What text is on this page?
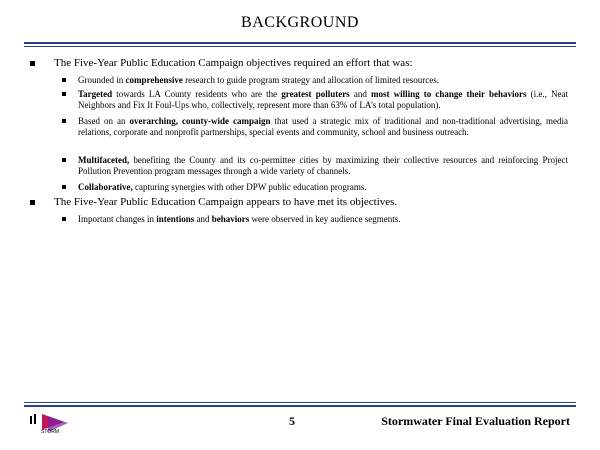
BACKGROUND
The Five-Year Public Education Campaign objectives required an effort that was:
Grounded in comprehensive research to guide program strategy and allocation of limited resources.
Targeted towards LA County residents who are the greatest polluters and most willing to change their behaviors (i.e., Neat Neighbors and Fix It Foul-Ups who, collectively, represent more than 63% of LA’s total population).
Based on an overarching, county-wide campaign that used a strategic mix of traditional and non-traditional advertising, media relations, corporate and nonprofit partnerships, special events and community, school and business outreach.
Multifaceted, benefiting the County and its co-permittee cities by maximizing their collective resources and reinforcing Project Pollution Prevention program messages through a wide variety of channels.
Collaborative, capturing synergies with other DPW public education programs.
The Five-Year Public Education Campaign appears to have met its objectives.
Important changes in intentions and behaviors were observed in key audience segments.
STORM
5	Stormwater Final Evaluation Report
